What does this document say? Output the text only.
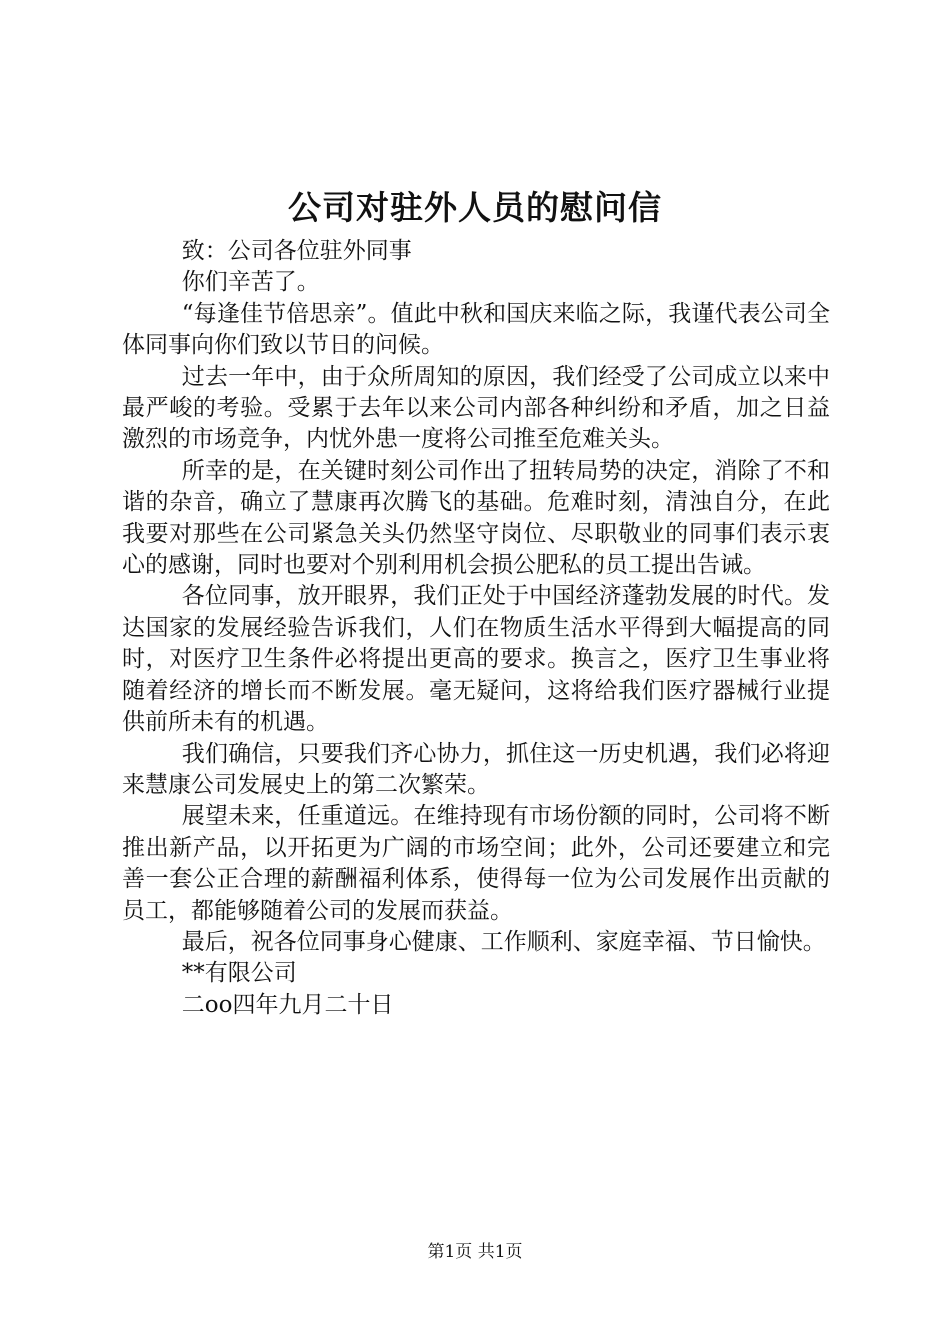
公司对驻外人员的慰问信

致：公司各位驻外同事

你们辛苦了。

“每逢佳节倍思亲”。值此中秋和国庆来临之际，我谨代表公司全体同事向你们致以节日的问候。

过去一年中，由于众所周知的原因，我们经受了公司成立以来中最严峻的考验。受累于去年以来公司内部各种纠纷和矛盾，加之日益激烈的市场竞争，内忧外患一度将公司推至危难关头。

所幸的是，在关键时刻公司作出了扭转局势的决定，消除了不和谐的杂音，确立了慧康再次腾飞的基础。危难时刻，清浊自分，在此我要对那些在公司紧急关头仍然坚守岗位、尽职敬业的同事们表示衷心的感谢，同时也要对个别利用机会损公肥私的员工提出告诫。

各位同事，放开眼界，我们正处于中国经济蓬勃发展的时代。发达国家的发展经验告诉我们，人们在物质生活水平得到大幅提高的同时，对医疗卫生条件必将提出更高的要求。换言之，医疗卫生事业将随着经济的增长而不断发展。毫无疑问，这将给我们医疗器械行业提供前所未有的机遇。

我们确信，只要我们齐心协力，抓住这一历史机遇，我们必将迎来慧康公司发展史上的第二次繁荣。

展望未来，任重道远。在维持现有市场份额的同时，公司将不断推出新产品，以开拓更为广阔的市场空间；此外，公司还要建立和完善一套公正合理的薪酬福利体系，使得每一位为公司发展作出贡献的员工，都能够随着公司的发展而获益。

最后，祝各位同事身心健康、工作顺利、家庭幸福、节日愉快。

**有限公司

二oo四年九月二十日

第1页 共1页
